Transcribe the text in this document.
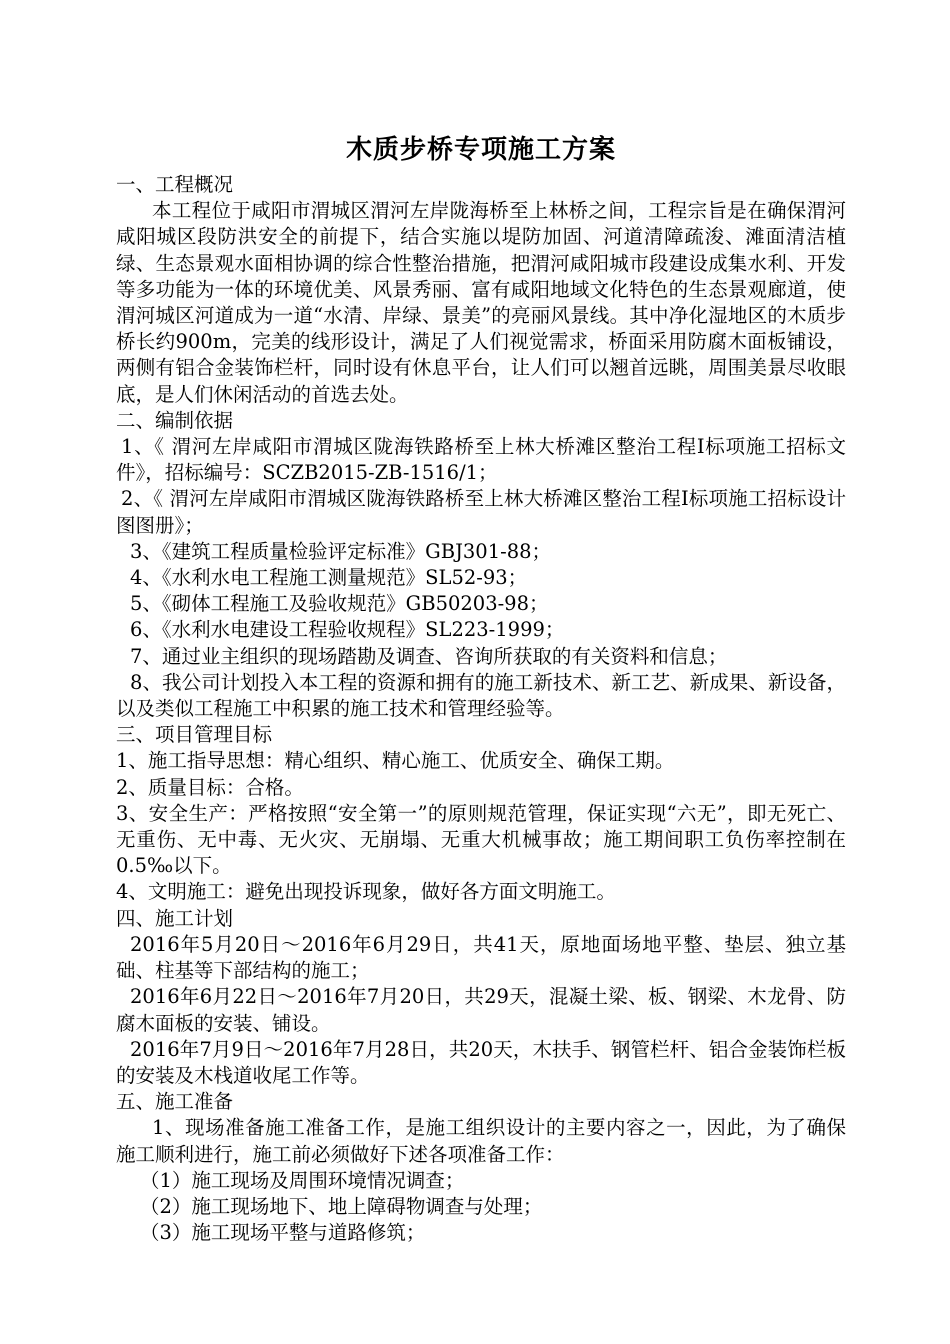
木质步桥专项施工方案

一、工程概况

本工程位于咸阳市渭城区渭河左岸陇海桥至上林桥之间，工程宗旨是在确保渭河咸阳城区段防洪安全的前提下，结合实施以堤防加固、河道清障疏浚、滩面清洁植绿、生态景观水面相协调的综合性整治措施，把渭河咸阳城市段建设成集水利、开发等多功能为一体的环境优美、风景秀丽、富有咸阳地域文化特色的生态景观廊道，使渭河城区河道成为一道“水清、岸绿、景美”的亮丽风景线。其中净化湿地区的木质步桥长约900m，完美的线形设计，满足了人们视觉需求，桥面采用防腐木面板铺设，两侧有铝合金装饰栏杆，同时设有休息平台，让人们可以翘首远眺，周围美景尽收眼底，是人们休闲活动的首选去处。

二、编制依据

1、《 渭河左岸咸阳市渭城区陇海铁路桥至上林大桥滩区整治工程Ⅰ标项施工招标文件》，招标编号：SCZB2015-ZB-1516/1；

2、《 渭河左岸咸阳市渭城区陇海铁路桥至上林大桥滩区整治工程Ⅰ标项施工招标设计图图册》；

3、《建筑工程质量检验评定标准》GBJ301-88；

4、《水利水电工程施工测量规范》SL52-93；

5、《砌体工程施工及验收规范》GB50203-98；

6、《水利水电建设工程验收规程》SL223-1999；

7、通过业主组织的现场踏勘及调查、咨询所获取的有关资料和信息；

8、我公司计划投入本工程的资源和拥有的施工新技术、新工艺、新成果、新设备，以及类似工程施工中积累的施工技术和管理经验等。

三、项目管理目标

1、施工指导思想：精心组织、精心施工、优质安全、确保工期。

2、质量目标：合格。

3、安全生产：严格按照“安全第一”的原则规范管理，保证实现“六无”，即无死亡、无重伤、无中毒、无火灾、无崩塌、无重大机械事故；施工期间职工负伤率控制在0.5‰以下。

4、文明施工：避免出现投诉现象，做好各方面文明施工。

四、施工计划

2016年5月20日～2016年6月29日，共41天，原地面场地平整、垫层、独立基础、柱基等下部结构的施工；

2016年6月22日～2016年7月20日，共29天，混凝土梁、板、钢梁、木龙骨、防腐木面板的安装、铺设。

2016年7月9日～2016年7月28日，共20天，木扶手、钢管栏杆、铝合金装饰栏板的安装及木栈道收尾工作等。

五、施工准备

1、现场准备施工准备工作，是施工组织设计的主要内容之一，因此，为了确保施工顺利进行，施工前必须做好下述各项准备工作：

（1）施工现场及周围环境情况调查；

（2）施工现场地下、地上障碍物调查与处理；

（3）施工现场平整与道路修筑；
